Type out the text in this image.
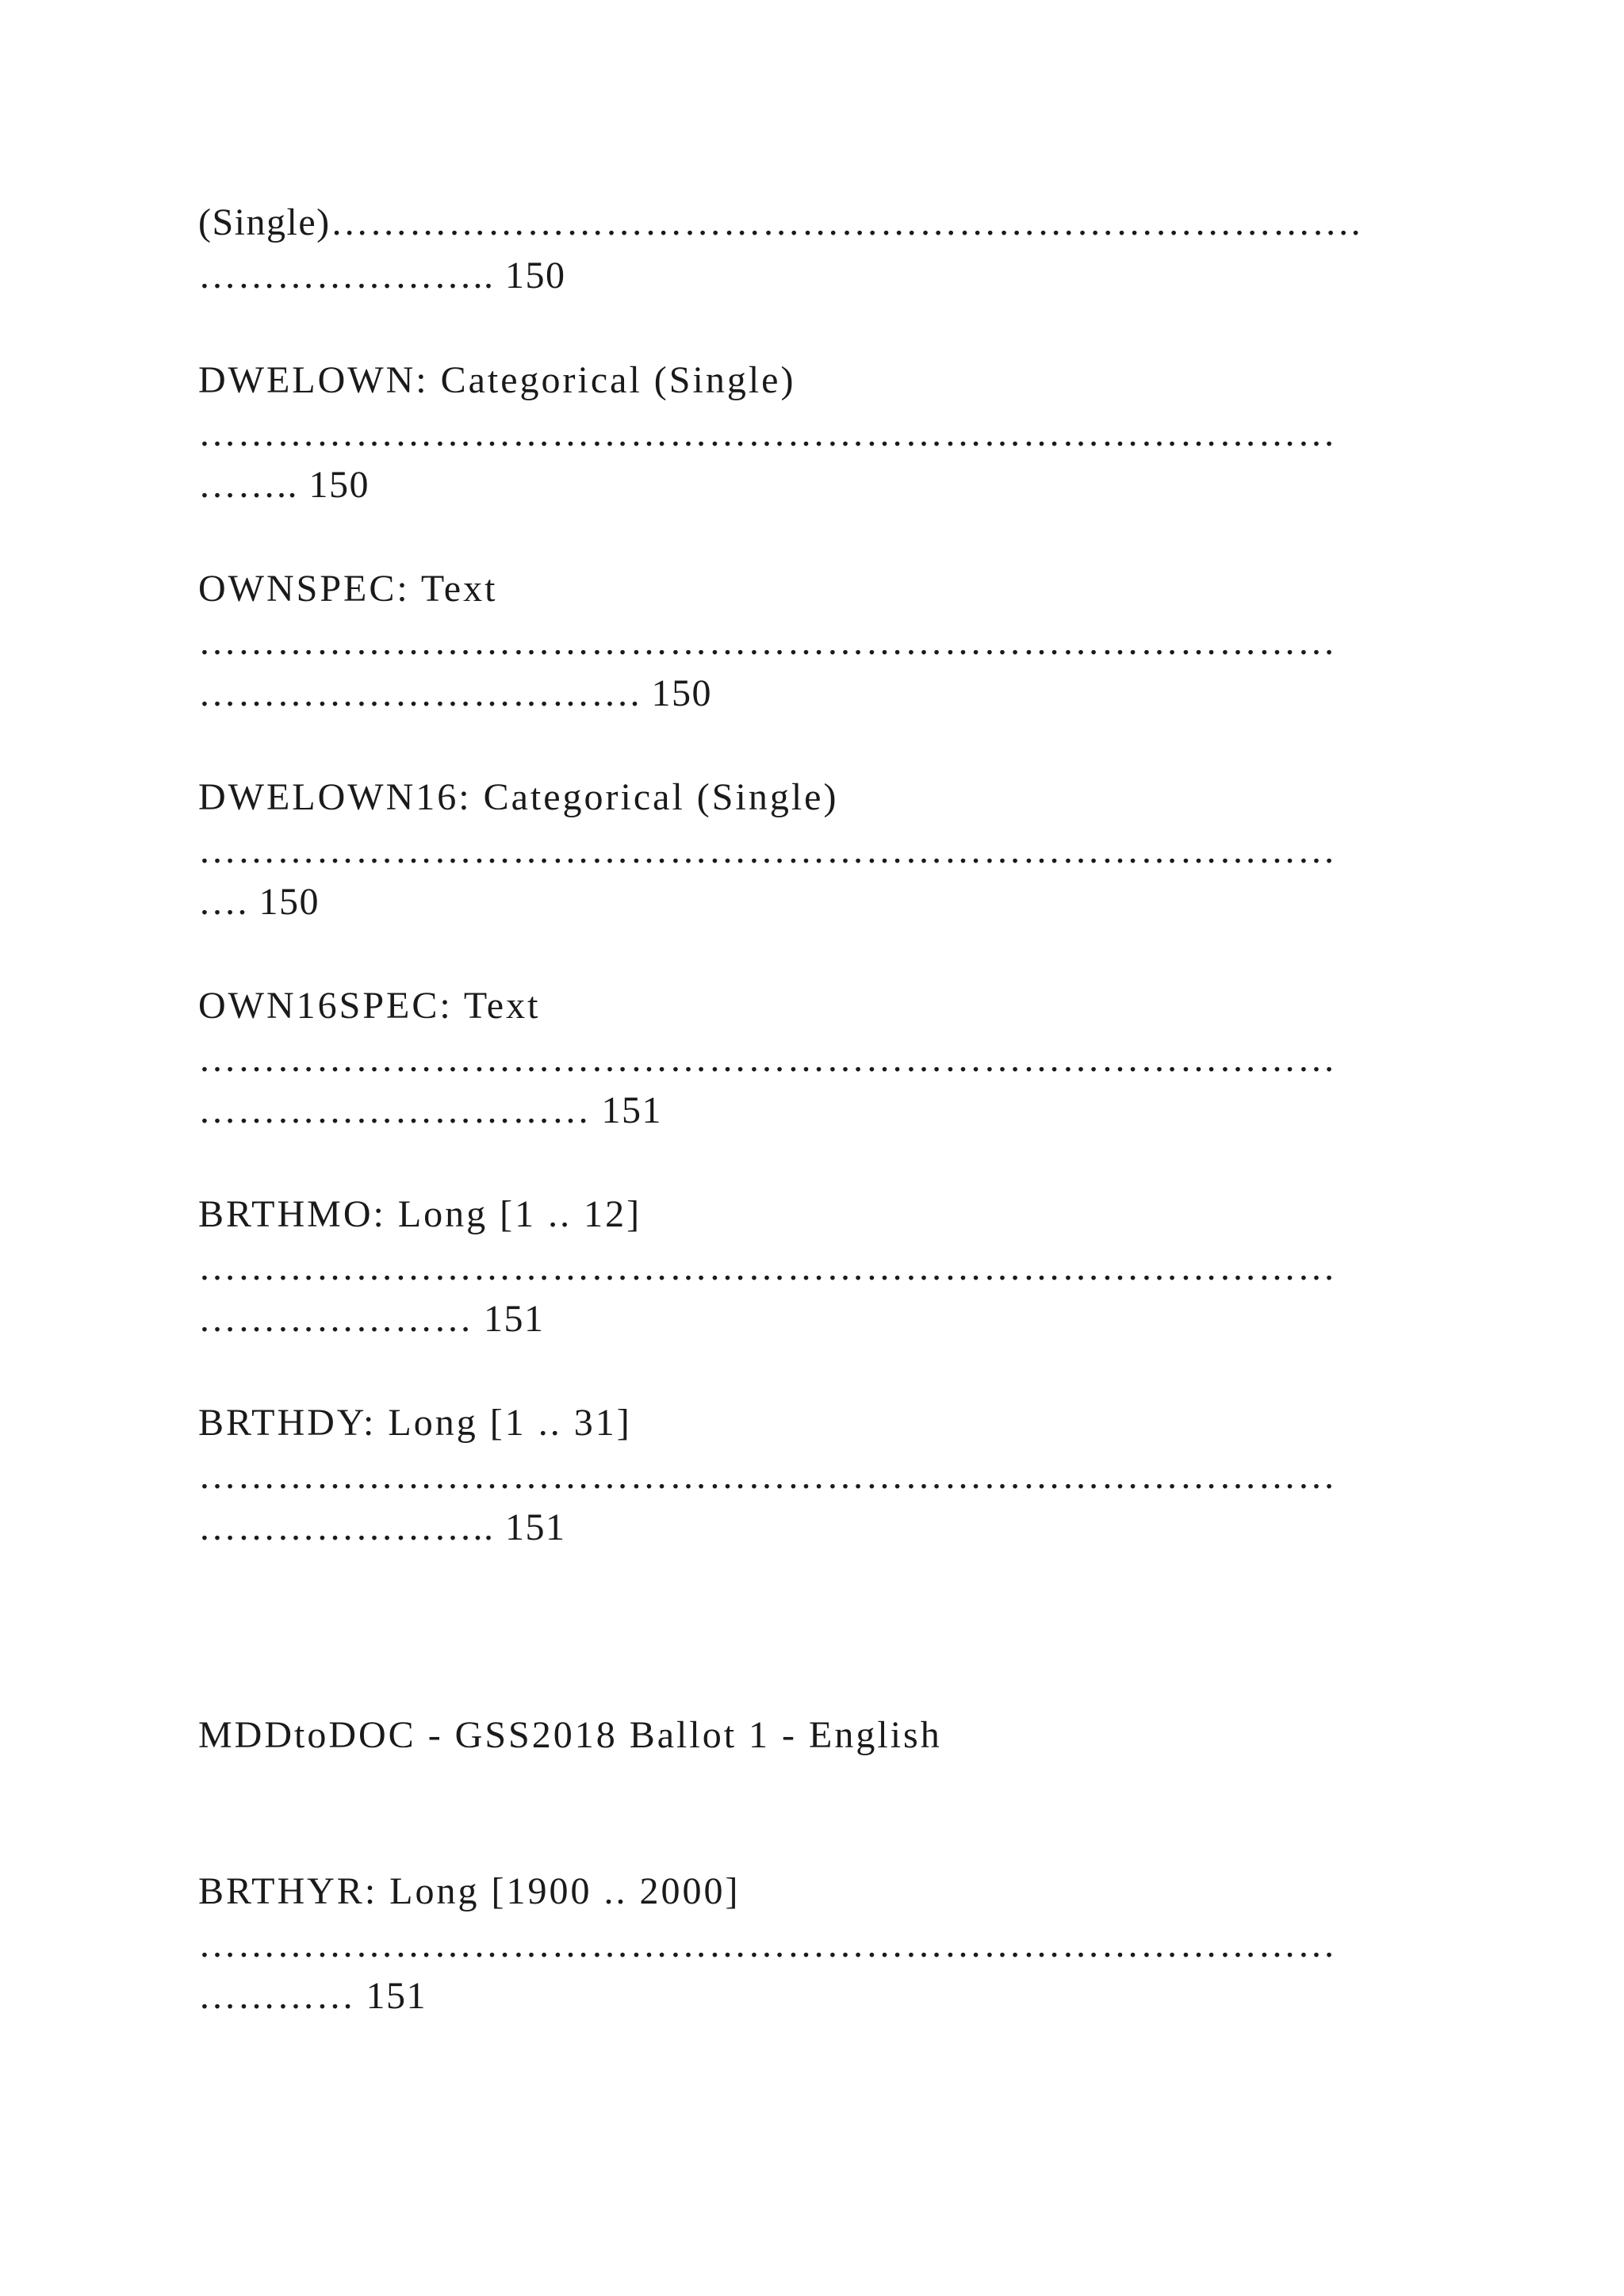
(Single)…………………………………………………………………….
………………….. 150
DWELOWN: Categorical (Single)
……………………………………………………………………………
…….. 150
OWNSPEC: Text
……………………………………………………………………………
……………………………. 150
DWELOWN16: Categorical (Single)
……………………………………………………………………………
…. 150
OWN16SPEC: Text
……………………………………………………………………………
………………………… 151
BRTHMO: Long [1 .. 12]
……………………………………………………………………………
………………… 151
BRTHDY: Long [1 .. 31]
……………………………………………………………………………
………………….. 151
MDDtoDOC - GSS2018 Ballot 1 - English
BRTHYR: Long [1900 .. 2000]
……………………………………………………………………………
………… 151
